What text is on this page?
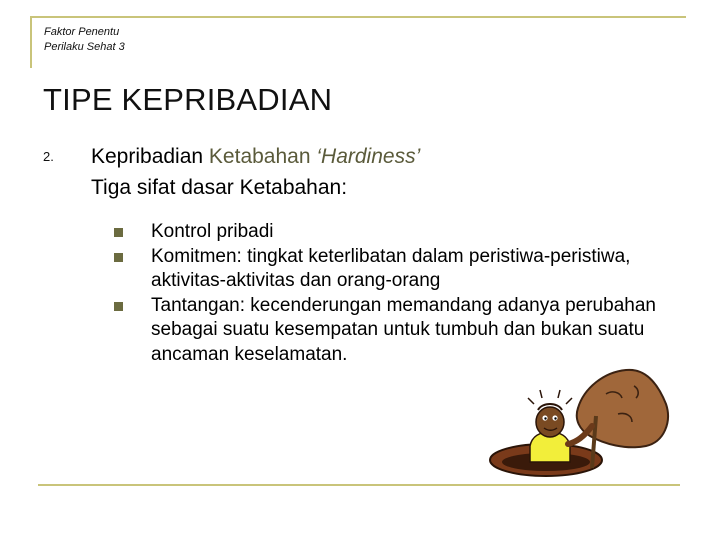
Faktor Penentu
Perilaku Sehat 3
TIPE KEPRIBADIAN
2. Kepribadian Ketabahan ‘Hardiness’
Tiga sifat dasar Ketabahan:
Kontrol pribadi
Komitmen: tingkat keterlibatan dalam peristiwa-peristiwa, aktivitas-aktivitas dan orang-orang
Tantangan: kecenderungan memandang adanya perubahan sebagai suatu kesempatan untuk tumbuh dan bukan suatu ancaman keselamatan.
